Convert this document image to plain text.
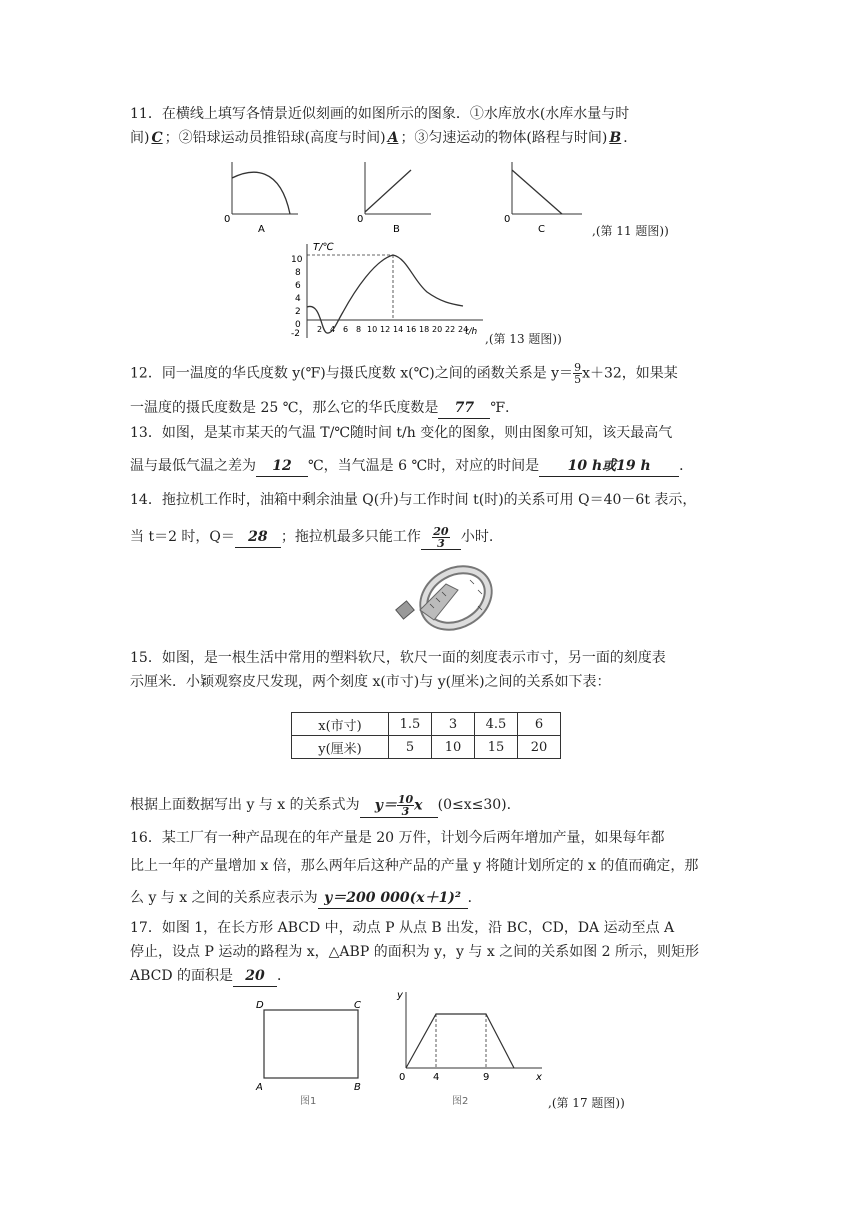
11．在横线上填写各情景近似刻画的如图所示的图象．①水库放水(水库水量与时
间) C ；②铅球运动员推铅球(高度与时间) A ；③匀速运动的物体(路程与时间) B ．
0
A
0
B
0
C	,(第 11 题图))
T/℃
t/h
10
8
6
4
2
0
-2 2 4 6 8 10 12 14 16 18 20 22 24
,(第 13 题图))
12．同一温度的华氏度数 y(℉)与摄氏度数 x(℃)之间的函数关系是 $y= \frac{9}{5} x+32$，如果某
一温度的摄氏度数是 25 ℃，那么它的华氏度数是 77 ℉.
13．如图，是某市某天的气温 T/℃随时间 t/h 变化的图象，则由图象可知，该天最高气
温与最低气温之差为 12 ℃，当气温是 6 ℃时，对应的时间是 10 h或19 h ．
14．拖拉机工作时，油箱中剩余油量 Q(升)与工作时间 t(时)的关系可用 Q＝40－6t 表示，
当 t＝2 时，Q＝ 28 ；拖拉机最多只能工作 $\frac{20}{3}$ 小时.
15．如图，是一根生活中常用的塑料软尺，软尺一面的刻度表示市寸，另一面的刻度表
示厘米．小颖观察皮尺发现，两个刻度 x(市寸)与 y(厘米)之间的关系如下表：
x(市寸)	1.5	3	4.5	6
y(厘米)	5	10	15	20
根据上面数据写出 y 与 x 的关系式为 $y= \frac{10}{3}$ x (0≤x≤30).
16．某工厂有一种产品现在的年产量是 20 万件，计划今后两年增加产量，如果每年都
比上一年的产量增加 x 倍，那么两年后这种产品的产量 y 将随计划所定的 x 的值而确定，那
么 y 与 x 之间的关系应表示为 y＝200 000(x＋1)² ．
17．如图 1，在长方形 ABCD 中，动点 P 从点 B 出发，沿 BC，CD，DA 运动至点 A
停止，设点 P 运动的路程为 x，△ABP 的面积为 y，y 与 x 之间的关系如图 2 所示，则矩形
ABCD 的面积是 20 ．
D	C
A	B
图1
y
x
0	4	9
图2	,(第 17 题图))
